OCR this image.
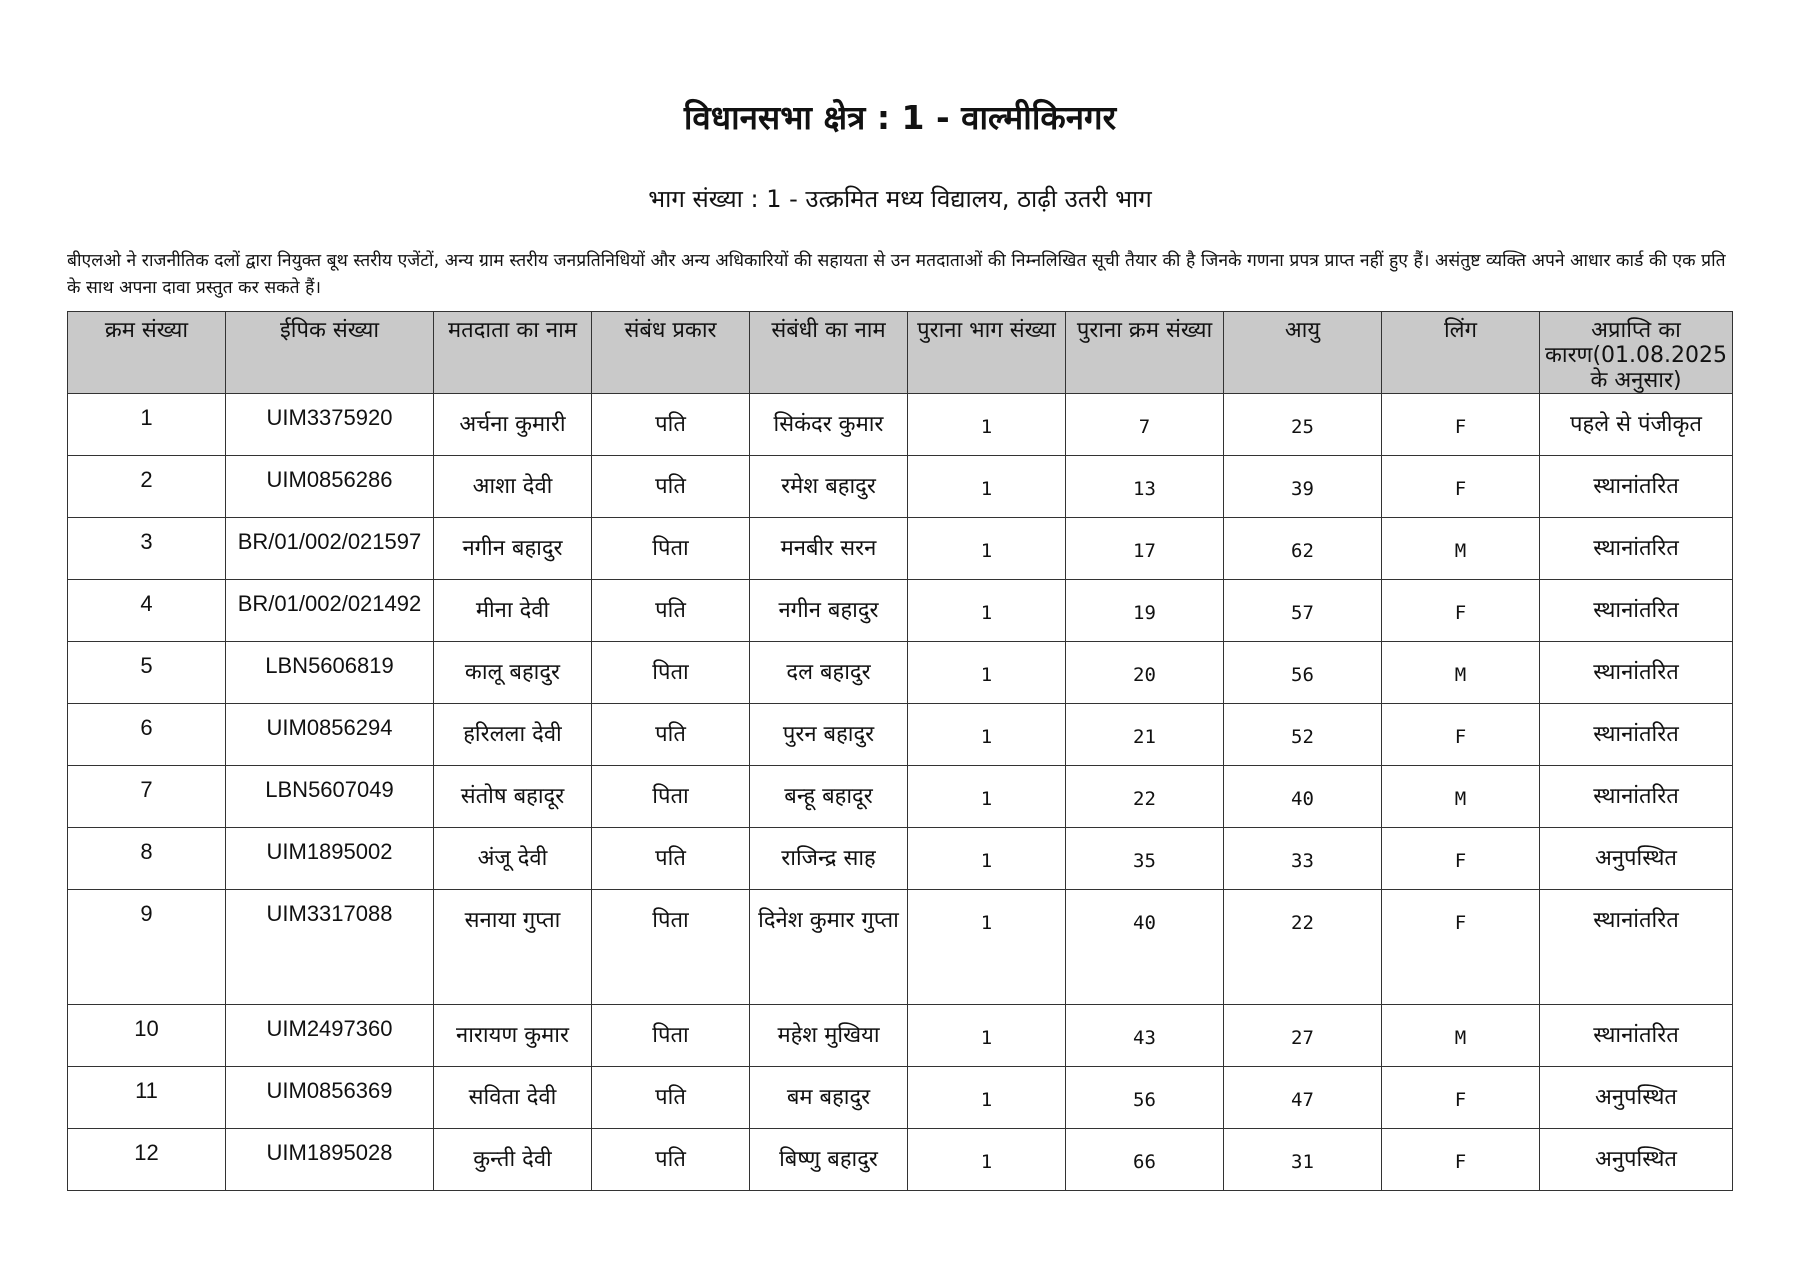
विधानसभा क्षेत्र : 1 - वाल्मीकिनगर
भाग संख्या : 1 - उत्क्रमित मध्य विद्यालय, ठाढ़ी उतरी भाग
बीएलओ ने राजनीतिक दलों द्वारा नियुक्त बूथ स्तरीय एजेंटों, अन्य ग्राम स्तरीय जनप्रतिनिधियों और अन्य अधिकारियों की सहायता से उन मतदाताओं की निम्नलिखित सूची तैयार की है जिनके गणना प्रपत्र प्राप्त नहीं हुए हैं। असंतुष्ट व्यक्ति अपने आधार कार्ड की एक प्रति के साथ अपना दावा प्रस्तुत कर सकते हैं।
क्रम संख्या	ईपिक संख्या	मतदाता का नाम	संबंध प्रकार	संबंधी का नाम	पुराना भाग संख्या	पुराना क्रम संख्या	आयु	लिंग	अप्राप्ति का कारण(01.08.2025 के अनुसार)

1	UIM3375920	अर्चना कुमारी	पति	सिकंदर कुमार	1	7	25	F	पहले से पंजीकृत

2	UIM0856286	आशा देवी	पति	रमेश बहादुर	1	13	39	F	स्थानांतरित

3	BR/01/002/021597	नगीन बहादुर	पिता	मनबीर सरन	1	17	62	M	स्थानांतरित

4	BR/01/002/021492	मीना देवी	पति	नगीन बहादुर	1	19	57	F	स्थानांतरित

5	LBN5606819	कालू बहादुर	पिता	दल बहादुर	1	20	56	M	स्थानांतरित

6	UIM0856294	हरिलला देवी	पति	पुरन बहादुर	1	21	52	F	स्थानांतरित

7	LBN5607049	संतोष बहादूर	पिता	बन्हू बहादूर	1	22	40	M	स्थानांतरित

8	UIM1895002	अंजू देवी	पति	राजिन्द्र साह	1	35	33	F	अनुपस्थित

9	UIM3317088	सनाया गुप्ता	पिता	दिनेश कुमार गुप्ता	1	40	22	F	स्थानांतरित

10	UIM2497360	नारायण कुमार	पिता	महेश मुखिया	1	43	27	M	स्थानांतरित

11	UIM0856369	सविता देवी	पति	बम बहादुर	1	56	47	F	अनुपस्थित

12	UIM1895028	कुन्ती देवी	पति	बिष्णु बहादुर	1	66	31	F	अनुपस्थित
